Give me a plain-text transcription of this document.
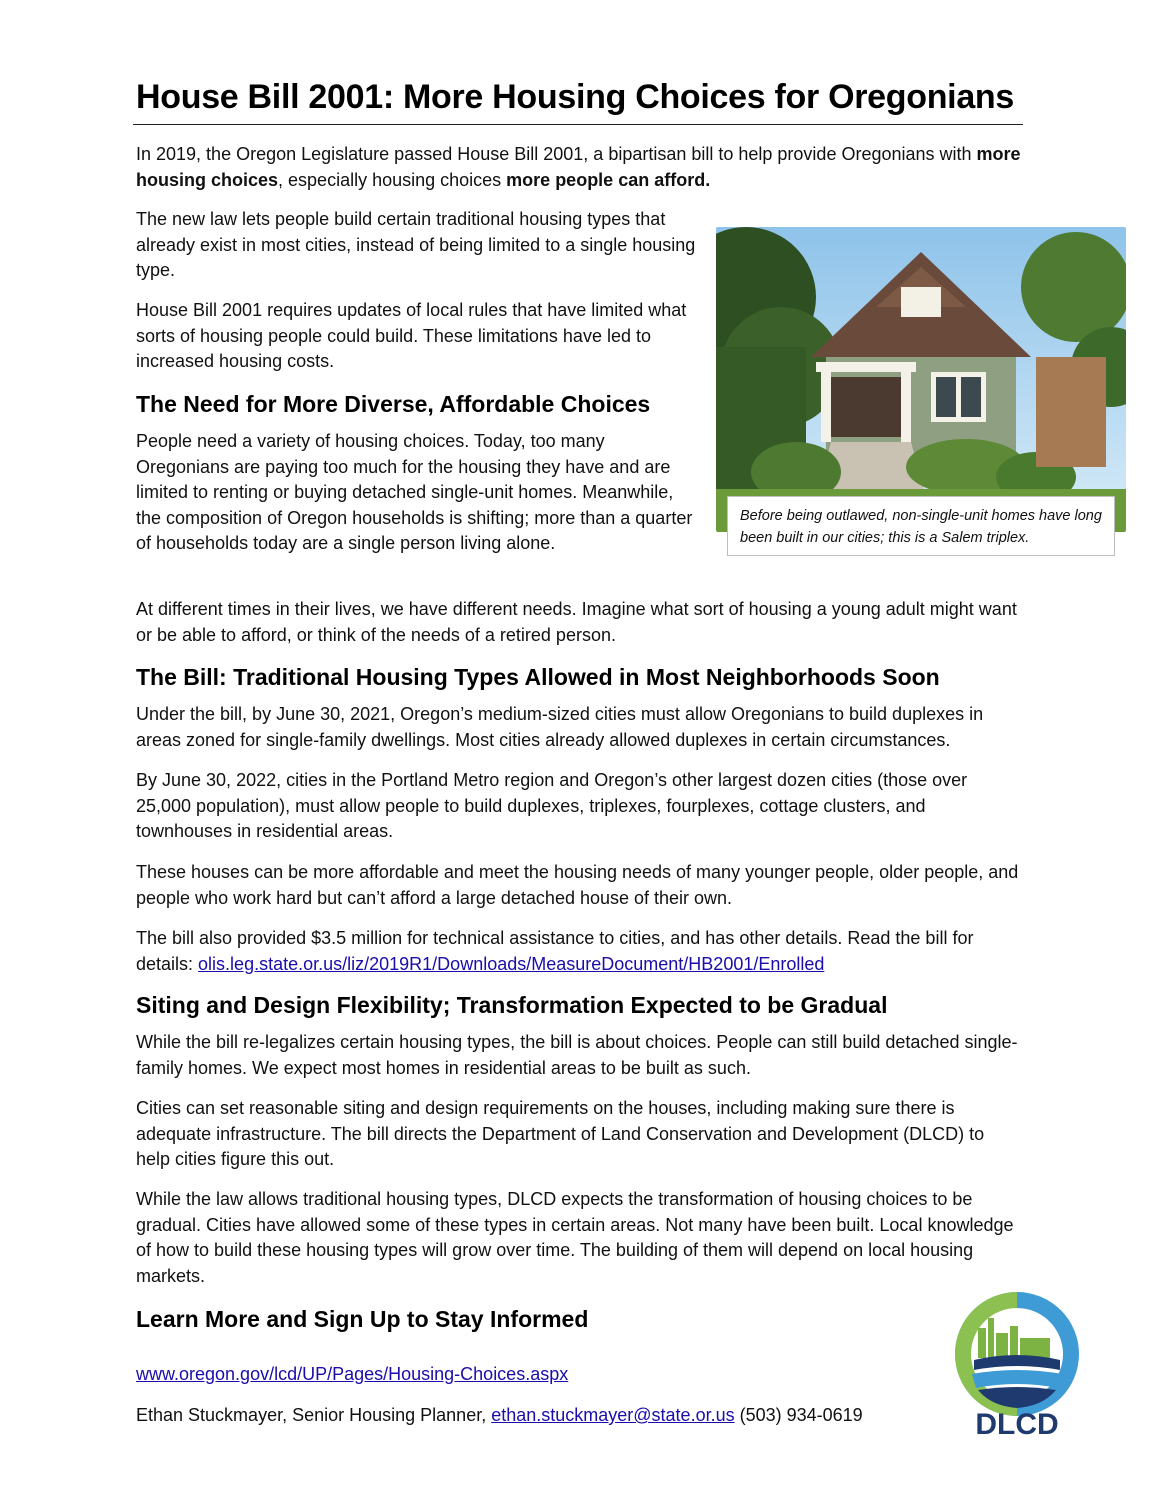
House Bill 2001: More Housing Choices for Oregonians

In 2019, the Oregon Legislature passed House Bill 2001, a bipartisan bill to help provide Oregonians with more housing choices, especially housing choices more people can afford.

The new law lets people build certain traditional housing types that already exist in most cities, instead of being limited to a single housing type.

House Bill 2001 requires updates of local rules that have limited what sorts of housing people could build. These limitations have led to increased housing costs.

The Need for More Diverse, Affordable Choices

People need a variety of housing choices. Today, too many Oregonians are paying too much for the housing they have and are limited to renting or buying detached single-unit homes. Meanwhile, the composition of Oregon households is shifting; more than a quarter of households today are a single person living alone.

Before being outlawed, non-single-unit homes have long been built in our cities; this is a Salem triplex.

At different times in their lives, we have different needs. Imagine what sort of housing a young adult might want or be able to afford, or think of the needs of a retired person.

The Bill: Traditional Housing Types Allowed in Most Neighborhoods Soon

Under the bill, by June 30, 2021, Oregon’s medium-sized cities must allow Oregonians to build duplexes in areas zoned for single-family dwellings. Most cities already allowed duplexes in certain circumstances.

By June 30, 2022, cities in the Portland Metro region and Oregon’s other largest dozen cities (those over 25,000 population), must allow people to build duplexes, triplexes, fourplexes, cottage clusters, and townhouses in residential areas.

These houses can be more affordable and meet the housing needs of many younger people, older people, and people who work hard but can’t afford a large detached house of their own.

The bill also provided $3.5 million for technical assistance to cities, and has other details. Read the bill for details: olis.leg.state.or.us/liz/2019R1/Downloads/MeasureDocument/HB2001/Enrolled

Siting and Design Flexibility; Transformation Expected to be Gradual

While the bill re-legalizes certain housing types, the bill is about choices. People can still build detached single-family homes. We expect most homes in residential areas to be built as such.

Cities can set reasonable siting and design requirements on the houses, including making sure there is adequate infrastructure. The bill directs the Department of Land Conservation and Development (DLCD) to help cities figure this out.

While the law allows traditional housing types, DLCD expects the transformation of housing choices to be gradual. Cities have allowed some of these types in certain areas. Not many have been built. Local knowledge of how to build these housing types will grow over time. The building of them will depend on local housing markets.

Learn More and Sign Up to Stay Informed

www.oregon.gov/lcd/UP/Pages/Housing-Choices.aspx

Ethan Stuckmayer, Senior Housing Planner, ethan.stuckmayer@state.or.us (503) 934-0619	DLCD
